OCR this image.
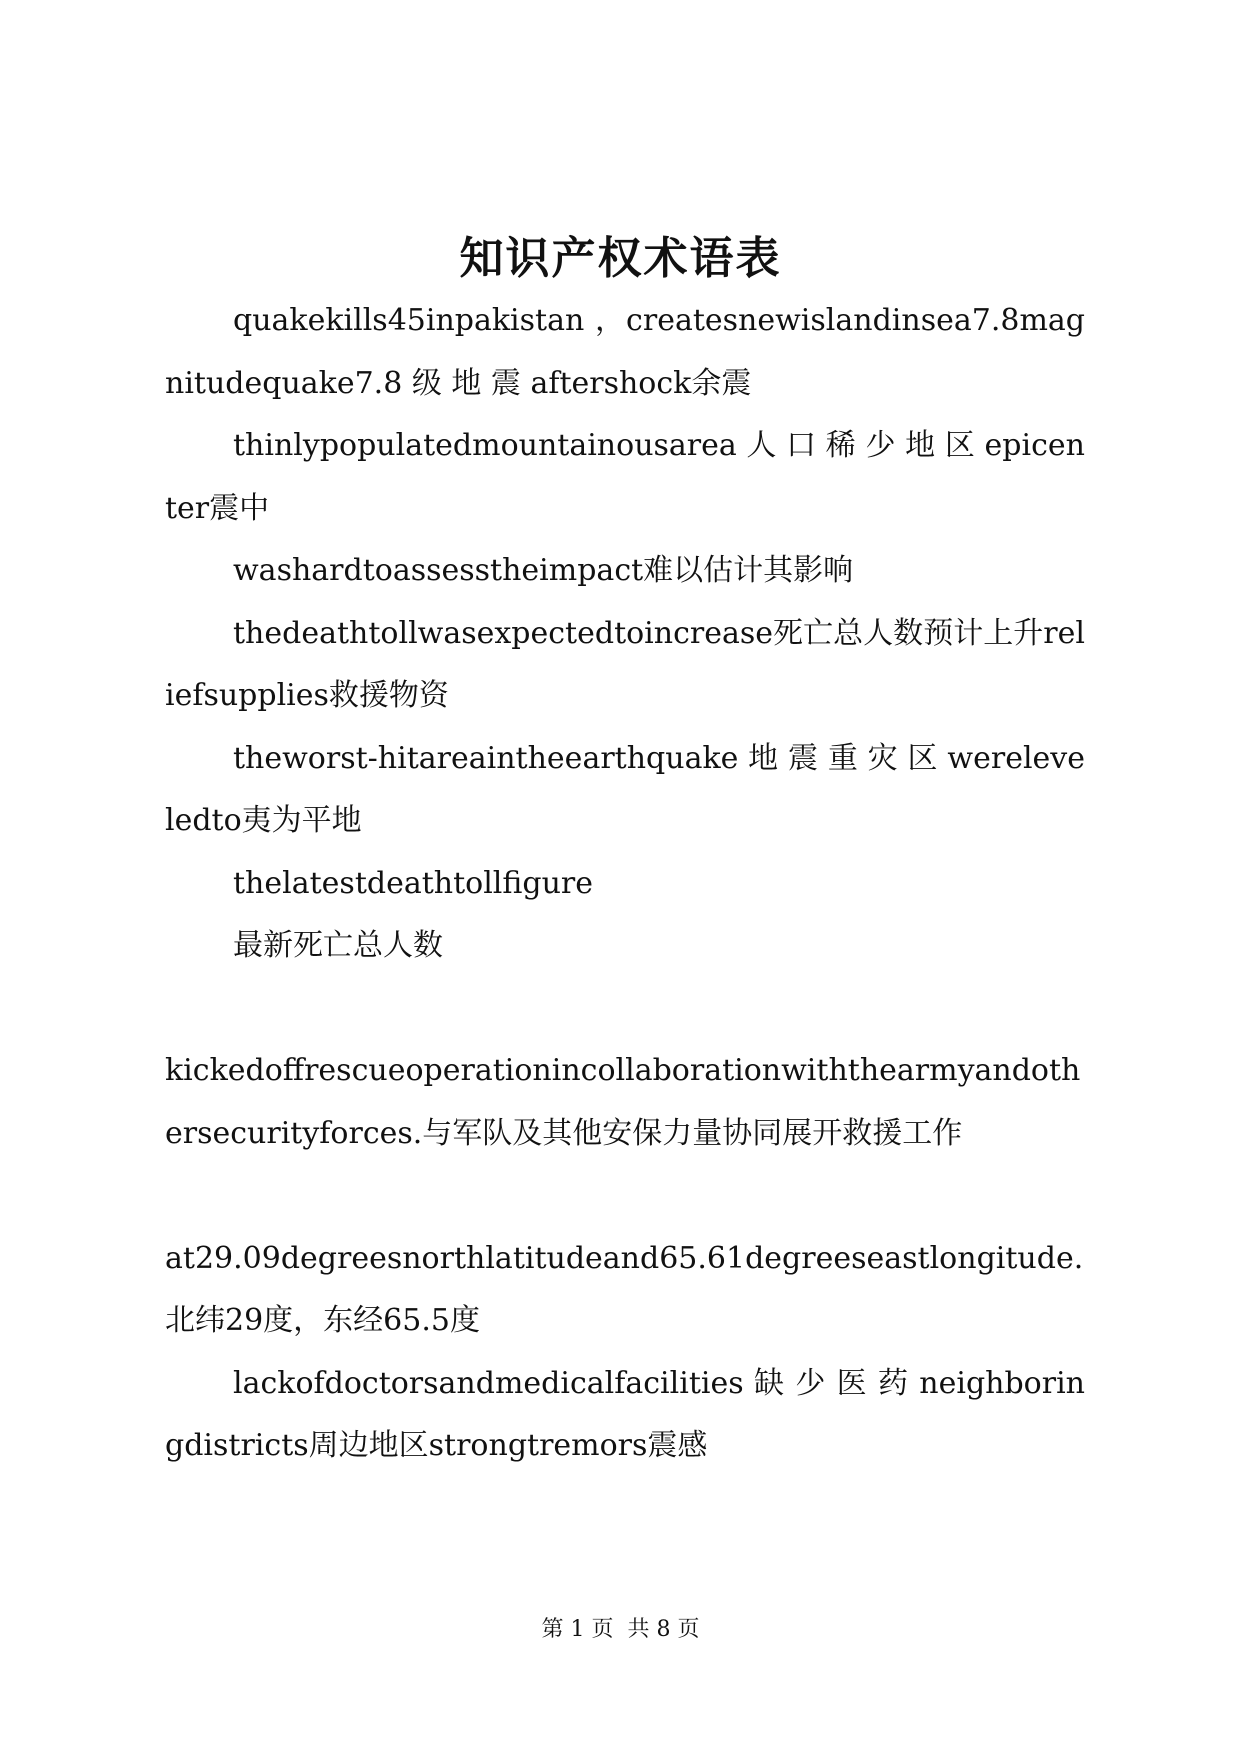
知识产权术语表

quakekills45inpakistan ，createsnewislandinsea7.8magnitudequake7.8 级 地 震 aftershock余震

thinlypopulatedmountainousarea 人 口 稀 少 地 区 epicenter震中

washardtoassesstheimpact难以估计其影响

thedeathtollwasexpectedtoincrease死亡总人数预计上升reliefsupplies救援物资

theworst-hitareaintheearthquake 地 震 重 灾 区 wereleveledto夷为平地

thelatestdeathtollfigure

最新死亡总人数

kickedoffrescueoperationincollaborationwiththearmyandothersecurityforces.与军队及其他安保力量协同展开救援工作

at29.09degreesnorthlatitudeand65.61degreeseastlongitude.北纬29度，东经65.5度

lackofdoctorsandmedicalfacilities 缺 少 医 药 neighboringdistricts周边地区strongtremors震感

第 1 页 共 8 页
